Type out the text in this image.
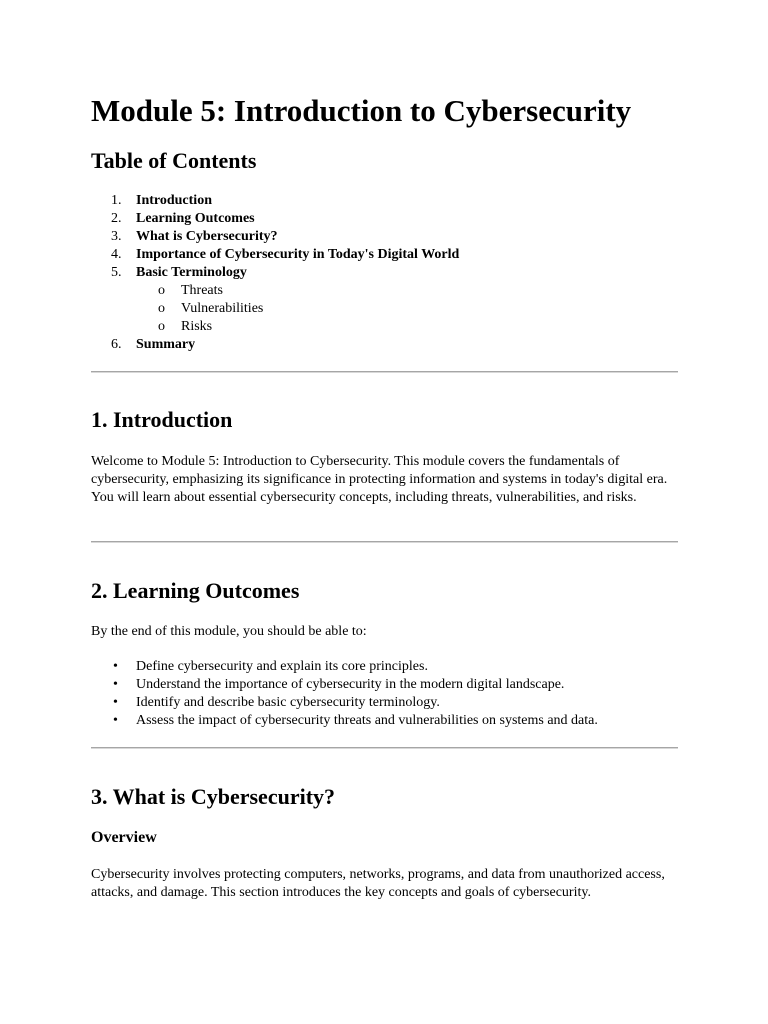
Module 5: Introduction to Cybersecurity
Table of Contents
1.	Introduction
2.	Learning Outcomes
3.	What is Cybersecurity?
4.	Importance of Cybersecurity in Today's Digital World
5.	Basic Terminology
o Threats
o Vulnerabilities
o Risks
6.	Summary
1. Introduction

Welcome to Module 5: Introduction to Cybersecurity. This module covers the fundamentals of cybersecurity, emphasizing its significance in protecting information and systems in today's digital era. You will learn about essential cybersecurity concepts, including threats, vulnerabilities, and risks.

2. Learning Outcomes

By the end of this module, you should be able to:

• Define cybersecurity and explain its core principles.
• Understand the importance of cybersecurity in the modern digital landscape.
• Identify and describe basic cybersecurity terminology.
• Assess the impact of cybersecurity threats and vulnerabilities on systems and data.
3. What is Cybersecurity?
Overview

Cybersecurity involves protecting computers, networks, programs, and data from unauthorized access, attacks, and damage. This section introduces the key concepts and goals of cybersecurity.
